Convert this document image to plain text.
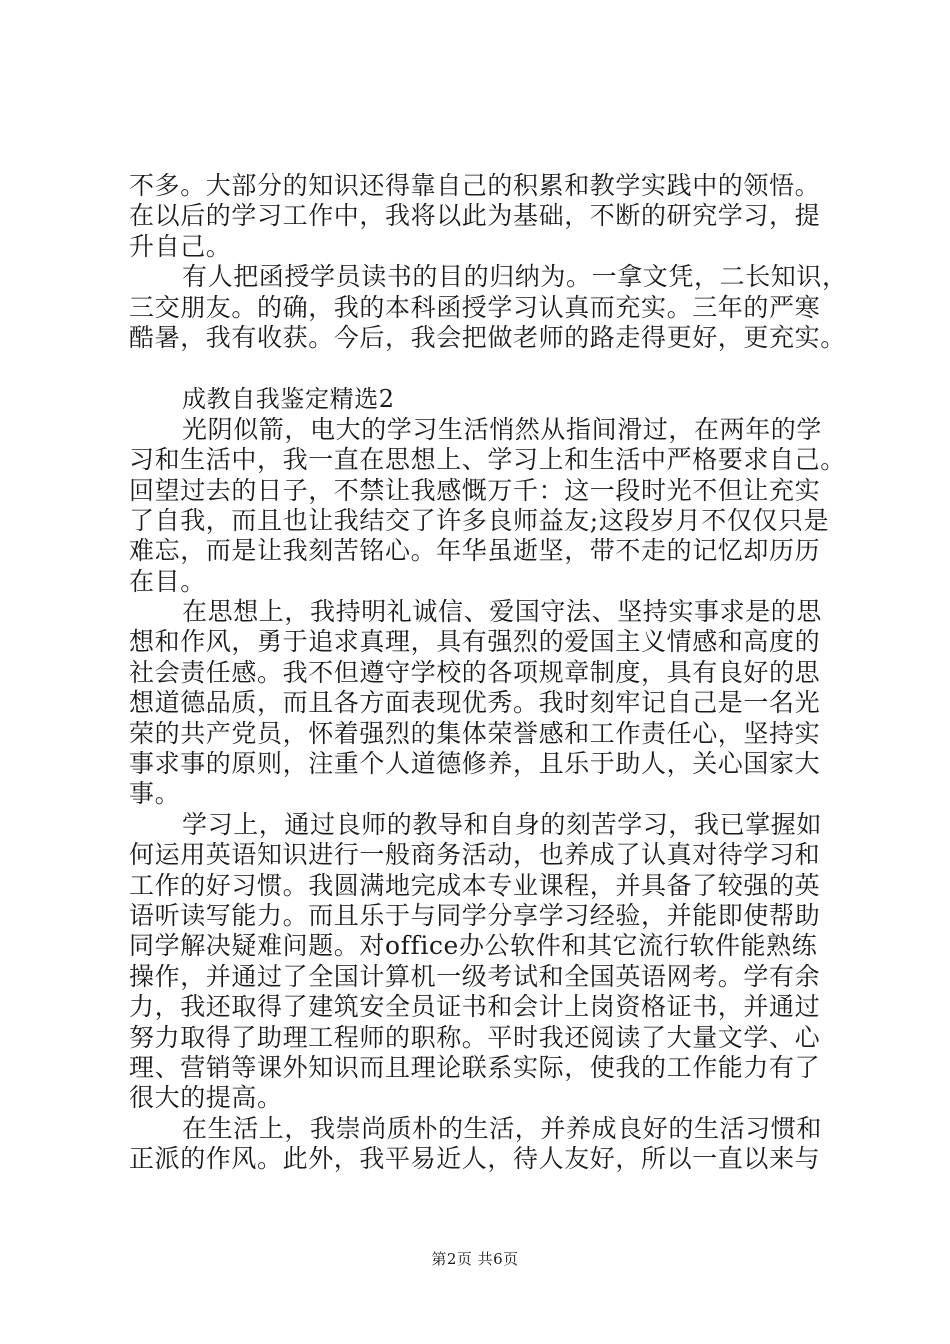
不多。大部分的知识还得靠自己的积累和教学实践中的领悟。
在以后的学习工作中，我将以此为基础，不断的研究学习，提
升自己。
有人把函授学员读书的目的归纳为。一拿文凭，二长知识，
三交朋友。的确，我的本科函授学习认真而充实。三年的严寒
酷暑，我有收获。今后，我会把做老师的路走得更好，更充实。
成教自我鉴定精选2
光阴似箭，电大的学习生活悄然从指间滑过，在两年的学
习和生活中，我一直在思想上、学习上和生活中严格要求自己。
回望过去的日子，不禁让我感慨万千：这一段时光不但让充实
了自我，而且也让我结交了许多良师益友;这段岁月不仅仅只是
难忘，而是让我刻苦铭心。年华虽逝坚，带不走的记忆却历历
在目。
在思想上，我持明礼诚信、爱国守法、坚持实事求是的思
想和作风，勇于追求真理，具有强烈的爱国主义情感和高度的
社会责任感。我不但遵守学校的各项规章制度，具有良好的思
想道德品质，而且各方面表现优秀。我时刻牢记自己是一名光
荣的共产党员，怀着强烈的集体荣誉感和工作责任心，坚持实
事求事的原则，注重个人道德修养，且乐于助人，关心国家大
事。
学习上，通过良师的教导和自身的刻苦学习，我已掌握如
何运用英语知识进行一般商务活动，也养成了认真对待学习和
工作的好习惯。我圆满地完成本专业课程，并具备了较强的英
语听读写能力。而且乐于与同学分享学习经验，并能即使帮助
同学解决疑难问题。对office办公软件和其它流行软件能熟练
操作，并通过了全国计算机一级考试和全国英语网考。学有余
力，我还取得了建筑安全员证书和会计上岗资格证书，并通过
努力取得了助理工程师的职称。平时我还阅读了大量文学、心
理、营销等课外知识而且理论联系实际，使我的工作能力有了
很大的提高。
在生活上，我崇尚质朴的生活，并养成良好的生活习惯和
正派的作风。此外，我平易近人，待人友好，所以一直以来与
第2页 共6页
